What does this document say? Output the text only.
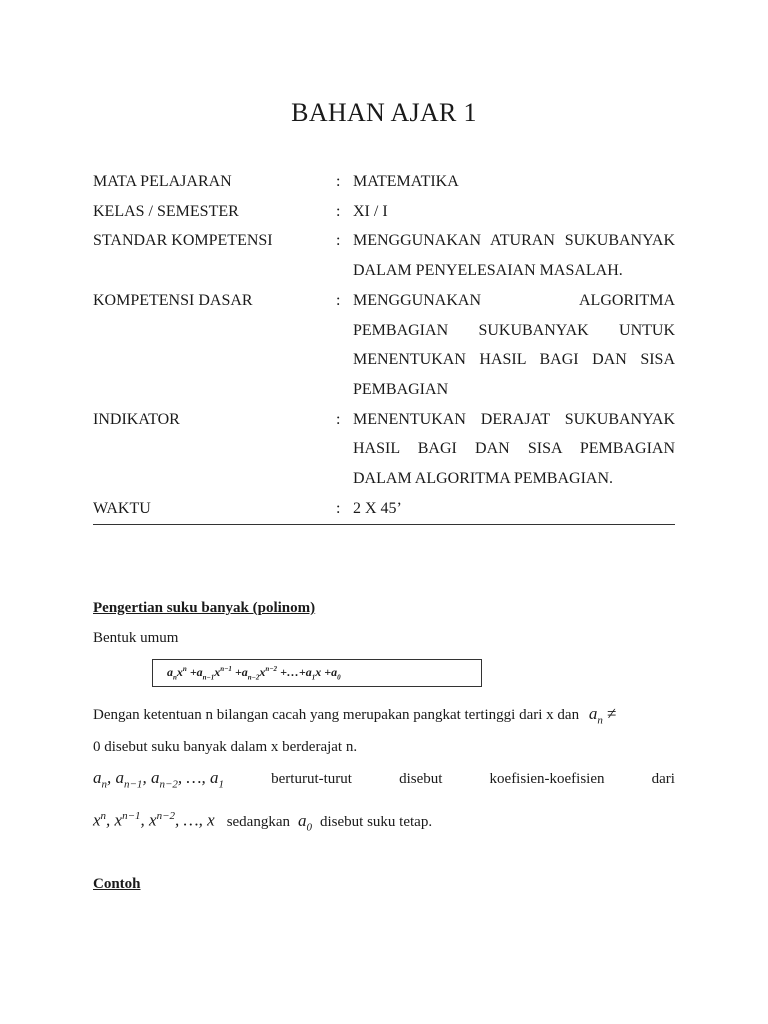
BAHAN AJAR 1
MATA PELAJARAN	:	MATEMATIKA
KELAS / SEMESTER	:	XI / I
STANDAR KOMPETENSI	:	MENGGUNAKAN ATURAN SUKUBANYAK DALAM PENYELESAIAN MASALAH.
KOMPETENSI DASAR	:	MENGGUNAKAN ALGORITMA PEMBAGIAN SUKUBANYAK UNTUK MENENTUKAN HASIL BAGI DAN SISA PEMBAGIAN
INDIKATOR	:	MENENTUKAN DERAJAT SUKUBANYAK HASIL BAGI DAN SISA PEMBAGIAN DALAM ALGORITMA PEMBAGIAN.
WAKTU	:	2 X 45’
Pengertian suku banyak (polinom)
Bentuk umum
$a_nx^n +a_{n-1}x^{n-1} +a_{n-2}x^{n-2}$ $+\dots+a_1x +a_0$
Dengan ketentuan n bilangan cacah yang merupakan pangkat tertinggi dari x dan $a_n$ ≠
0 disebut suku banyak dalam x berderajat n.
$a_n$, $a_{n-1}$, $a_{n-2}$, …, $a_1$	berturut-turut	disebut	koefisien-koefisien	dari
$x^n$, $x^{n-1}$, $x^{n-2}$, …, x sedangkan $a_0$ disebut suku tetap.
Contoh
